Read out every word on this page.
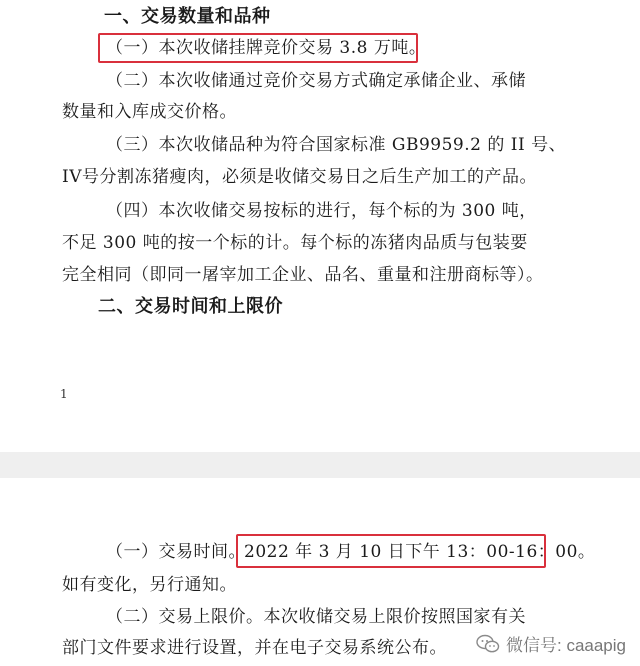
一、交易数量和品种
（一）本次收储挂牌竞价交易 3.8 万吨。
（二）本次收储通过竞价交易方式确定承储企业、承储
数量和入库成交价格。
（三）本次收储品种为符合国家标准 GB9959.2 的 II 号、
IV号分割冻猪瘦肉，必须是收储交易日之后生产加工的产品。
（四）本次收储交易按标的进行，每个标的为 300 吨，
不足 300 吨的按一个标的计。每个标的冻猪肉品质与包装要
完全相同（即同一屠宰加工企业、品名、重量和注册商标等）。
二、交易时间和上限价
1
（一）交易时间。
2022 年 3 月 10 日下午 13：00-16：00。
如有变化，另行通知。
（二）交易上限价。本次收储交易上限价按照国家有关
部门文件要求进行设置，并在电子交易系统公布。	微信号: caaapig
